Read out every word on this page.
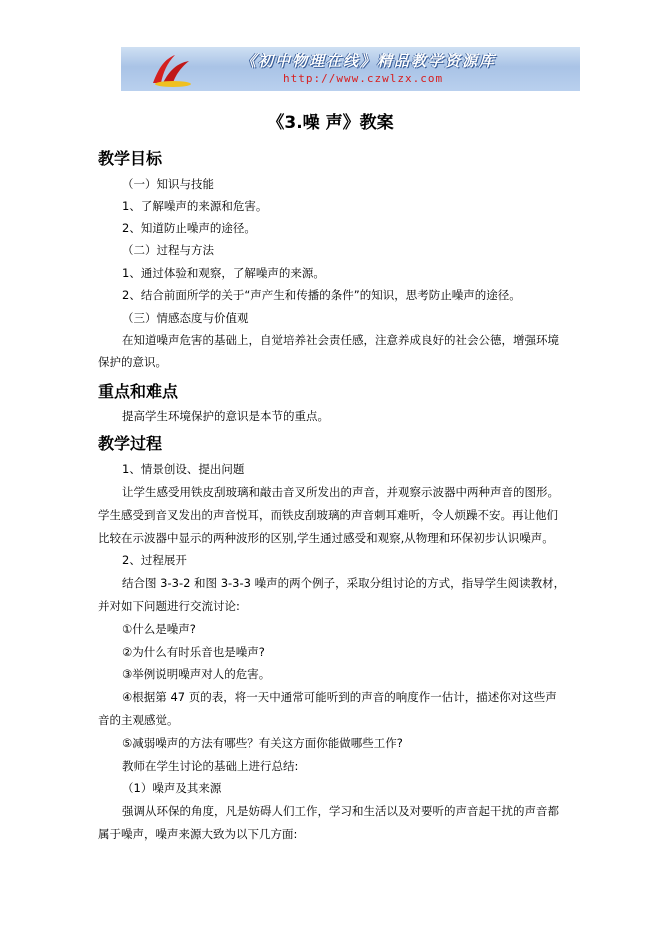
《初中物理在线》精品教学资源库
http://www.czwlzx.com
《3.噪 声》教案
教学目标
（一）知识与技能
1、了解噪声的来源和危害。
2、知道防止噪声的途径。
（二）过程与方法
1、通过体验和观察，了解噪声的来源。
2、结合前面所学的关于“声产生和传播的条件”的知识，思考防止噪声的途径。
（三）情感态度与价值观
在知道噪声危害的基础上，自觉培养社会责任感，注意养成良好的社会公德，增强环境
保护的意识。
重点和难点
提高学生环境保护的意识是本节的重点。
教学过程
1、情景创设、提出问题
让学生感受用铁皮刮玻璃和敲击音叉所发出的声音，并观察示波器中两种声音的图形。
学生感受到音叉发出的声音悦耳，而铁皮刮玻璃的声音刺耳难听，令人烦躁不安。再让他们
比较在示波器中显示的两种波形的区别,学生通过感受和观察,从物理和环保初步认识噪声。
2、过程展开
结合图 3-3-2 和图 3-3-3 噪声的两个例子，采取分组讨论的方式，指导学生阅读教材，
并对如下问题进行交流讨论:
①什么是噪声?
②为什么有时乐音也是噪声?
③举例说明噪声对人的危害。
④根据第 47 页的表，将一天中通常可能听到的声音的响度作一估计，描述你对这些声
音的主观感觉。
⑤减弱噪声的方法有哪些？有关这方面你能做哪些工作?
教师在学生讨论的基础上进行总结:
（1）噪声及其来源
强调从环保的角度，凡是妨碍人们工作，学习和生活以及对要听的声音起干扰的声音都
属于噪声，噪声来源大致为以下几方面:
